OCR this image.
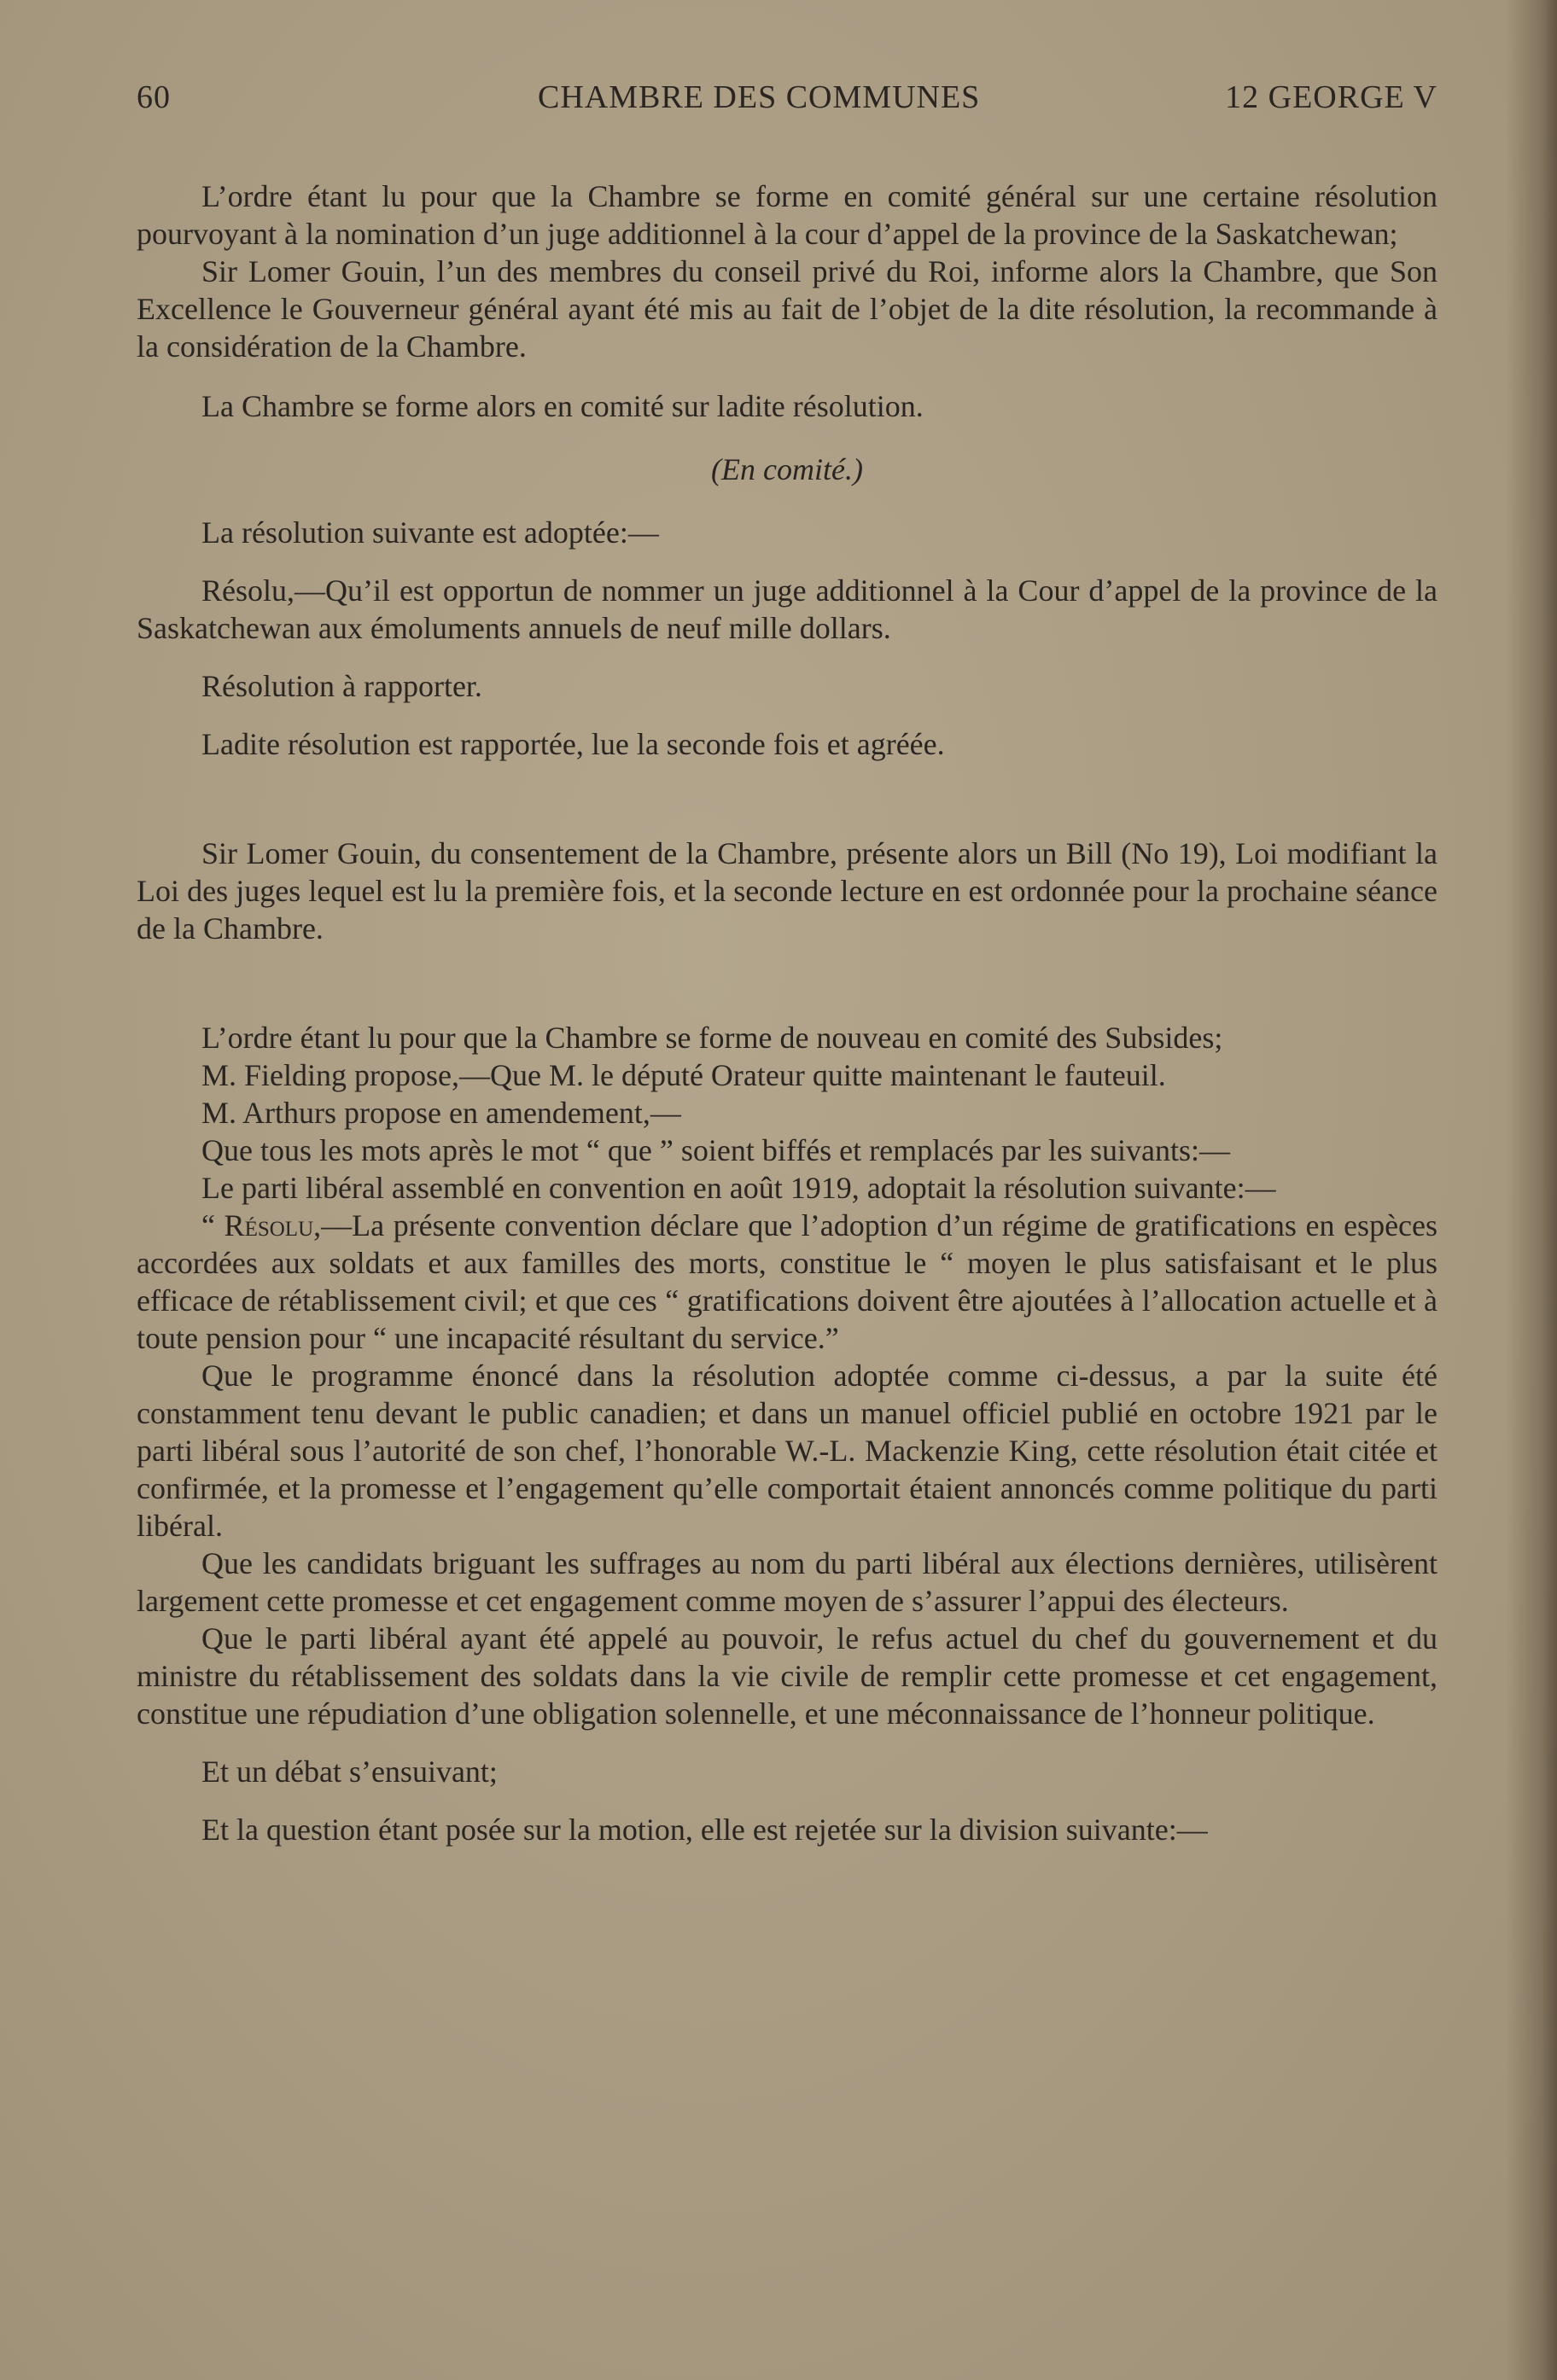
60	CHAMBRE DES COMMUNES	12 GEORGE V

L’ordre étant lu pour que la Chambre se forme en comité général sur une certaine résolution pourvoyant à la nomination d’un juge additionnel à la cour d’appel de la province de la Saskatchewan;

Sir Lomer Gouin, l’un des membres du conseil privé du Roi, informe alors la Chambre, que Son Excellence le Gouverneur général ayant été mis au fait de l’objet de la dite résolution, la recommande à la considération de la Chambre.

La Chambre se forme alors en comité sur ladite résolution.

(En comité.)

La résolution suivante est adoptée:—

Résolu,—Qu’il est opportun de nommer un juge additionnel à la Cour d’appel de la province de la Saskatchewan aux émoluments annuels de neuf mille dollars.

Résolution à rapporter.

Ladite résolution est rapportée, lue la seconde fois et agréée.

Sir Lomer Gouin, du consentement de la Chambre, présente alors un Bill (No 19), Loi modifiant la Loi des juges lequel est lu la première fois, et la seconde lecture en est ordonnée pour la prochaine séance de la Chambre.

L’ordre étant lu pour que la Chambre se forme de nouveau en comité des Subsides;

M. Fielding propose,—Que M. le député Orateur quitte maintenant le fauteuil.

M. Arthurs propose en amendement,—

Que tous les mots après le mot “ que ” soient biffés et remplacés par les suivants:—

Le parti libéral assemblé en convention en août 1919, adoptait la résolution suivante:—

“ Résolu,—La présente convention déclare que l’adoption d’un régime de gratifications en espèces accordées aux soldats et aux familles des morts, constitue le “ moyen le plus satisfaisant et le plus efficace de rétablissement civil; et que ces “ gratifications doivent être ajoutées à l’allocation actuelle et à toute pension pour “ une incapacité résultant du service.”

Que le programme énoncé dans la résolution adoptée comme ci-dessus, a par la suite été constamment tenu devant le public canadien; et dans un manuel officiel publié en octobre 1921 par le parti libéral sous l’autorité de son chef, l’honorable W.-L. Mackenzie King, cette résolution était citée et confirmée, et la promesse et l’engagement qu’elle comportait étaient annoncés comme politique du parti libéral.

Que les candidats briguant les suffrages au nom du parti libéral aux élections dernières, utilisèrent largement cette promesse et cet engagement comme moyen de s’assurer l’appui des électeurs.

Que le parti libéral ayant été appelé au pouvoir, le refus actuel du chef du gouvernement et du ministre du rétablissement des soldats dans la vie civile de remplir cette promesse et cet engagement, constitue une répudiation d’une obligation solennelle, et une méconnaissance de l’honneur politique.

Et un débat s’ensuivant;

Et la question étant posée sur la motion, elle est rejetée sur la division suivante:—
